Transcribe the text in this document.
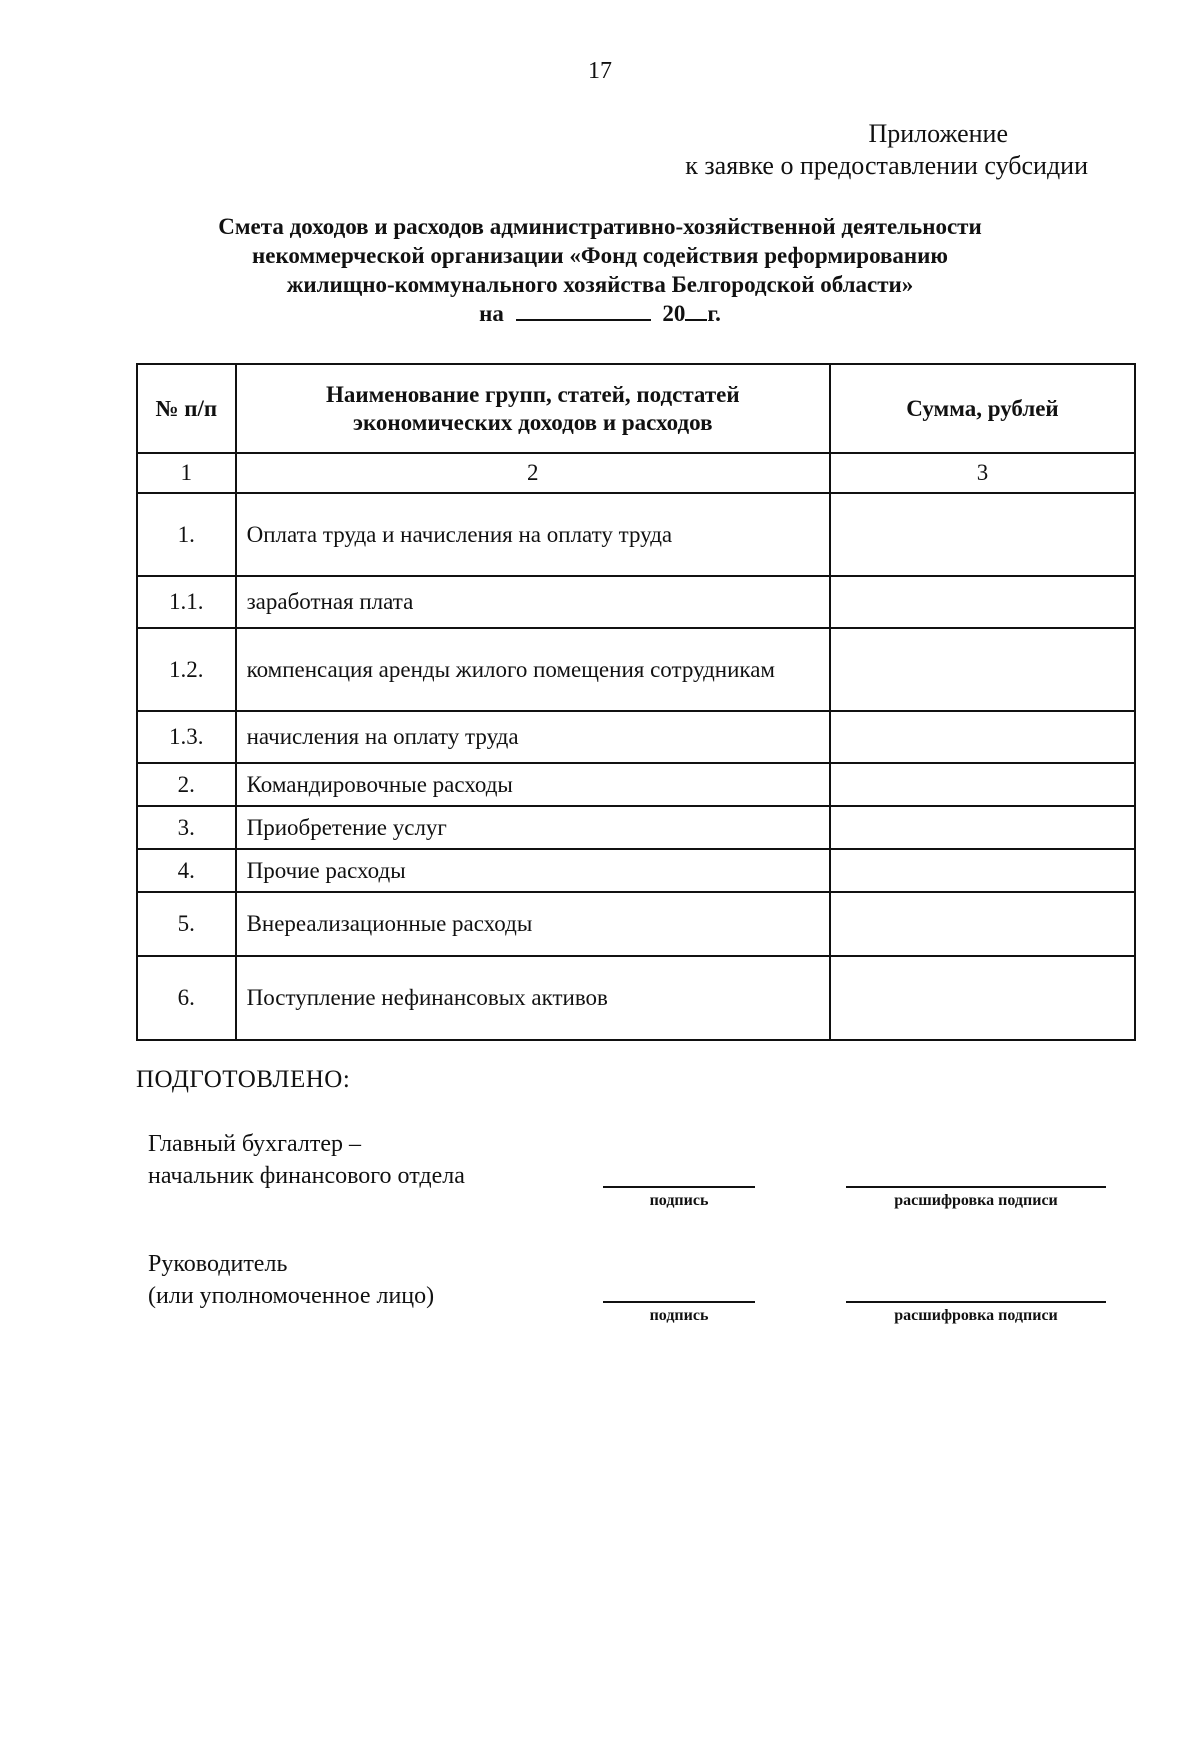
17
Приложение
к заявке о предоставлении субсидии
Смета доходов и расходов административно-хозяйственной деятельности
некоммерческой организации «Фонд содействия реформированию
жилищно-коммунального хозяйства Белгородской области»
на	20 г.
№ п/п	Наименование групп, статей, подстатей экономических доходов и расходов	Сумма, рублей
1	2	3
1.	Оплата труда и начисления на оплату труда	
1.1.	заработная плата	
1.2.	компенсация аренды жилого помещения сотрудникам	
1.3.	начисления на оплату труда	
2.	Командировочные расходы	
3.	Приобретение услуг	
4.	Прочие расходы	
5.	Внереализационные расходы	
6.	Поступление нефинансовых активов	
ПОДГОТОВЛЕНО:
Главный бухгалтер –
начальник финансового отдела
подпись	расшифровка подписи
Руководитель
(или уполномоченное лицо)
подпись	расшифровка подписи
